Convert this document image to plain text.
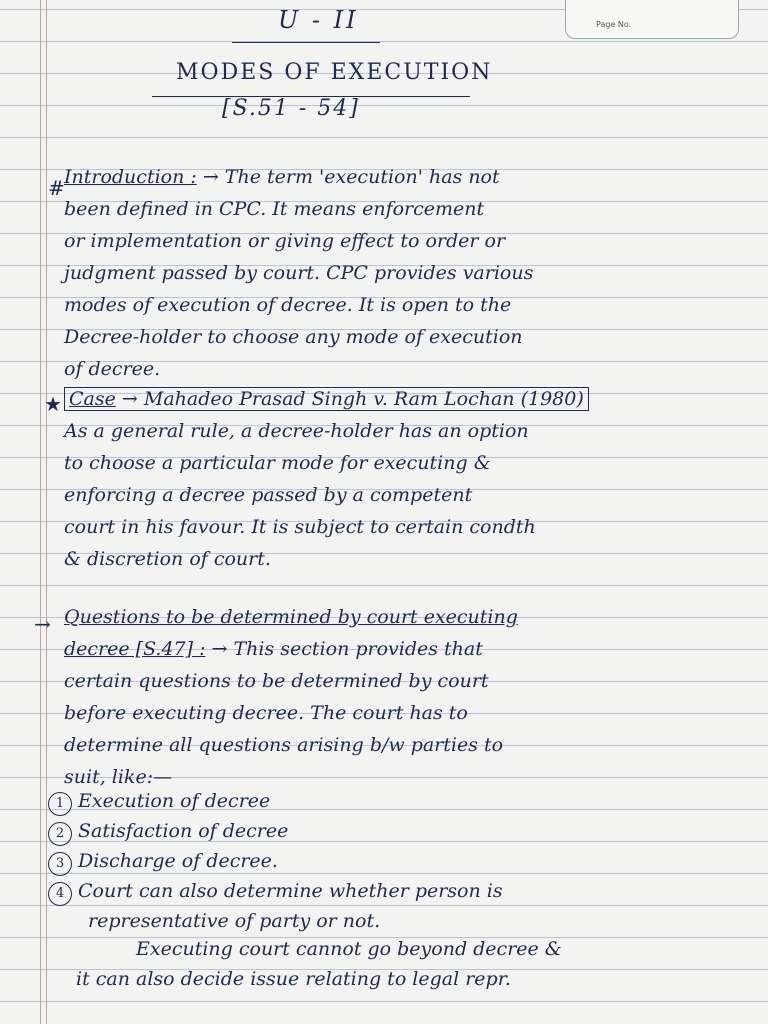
Page No.
U - II
MODES OF EXECUTION
[S.51 - 54]
# Introduction : → The term 'execution' has not
been defined in CPC. It means enforcement
or implementation or giving effect to order or
judgment passed by court. CPC provides various
modes of execution of decree. It is open to the
Decree-holder to choose any mode of execution
of decree.
★ Case → Mahadeo Prasad Singh v. Ram Lochan (1980)
As a general rule, a decree-holder has an option
to choose a particular mode for executing &
enforcing a decree passed by a competent
court in his favour. It is subject to certain condth
& discretion of court.
→ Questions to be determined by court executing
decree [S.47] : → This section provides that
certain questions to be determined by court
before executing decree. The court has to
determine all questions arising b/w parties to
suit, like:—
1 Execution of decree
2 Satisfaction of decree
3 Discharge of decree.
4 Court can also determine whether person is
representative of party or not.
Executing court cannot go beyond decree &
it can also decide issue relating to legal repr.
